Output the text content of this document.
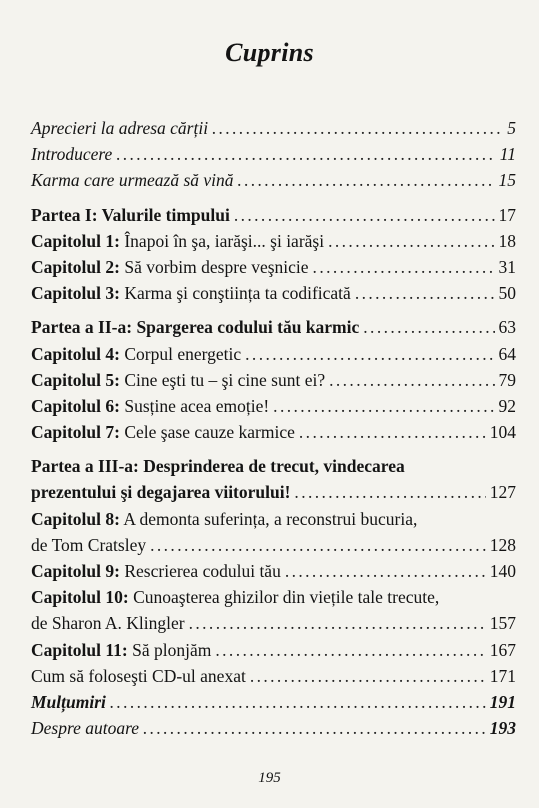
Cuprins
Aprecieri la adresa cărții .....	5
Introducere .....	11
Karma care urmează să vină .....	15
Partea I: Valurile timpului .....	17
Capitolul 1: Înapoi în şa, iarăşi... şi iarăşi .....	18
Capitolul 2: Să vorbim despre veşnicie .....	31
Capitolul 3: Karma şi conştiința ta codificată .....	50
Partea a II-a: Spargerea codului tău karmic .....	63
Capitolul 4: Corpul energetic .....	64
Capitolul 5: Cine eşti tu – şi cine sunt ei? .....	79
Capitolul 6: Susține acea emoție! .....	92
Capitolul 7: Cele şase cauze karmice .....	104
Partea a III-a: Desprinderea de trecut, vindecarea
prezentului şi degajarea viitorului! .....	127
Capitolul 8: A demonta suferința, a reconstrui bucuria,
de Tom Cratsley .....	128
Capitolul 9: Rescrierea codului tău .....	140
Capitolul 10: Cunoaşterea ghizilor din viețile tale trecute,
de Sharon A. Klingler .....	157
Capitolul 11: Să plonjăm .....	167
Cum să foloseşti CD-ul anexat .....	171
Mulțumiri .....	191
Despre autoare .....	193
195
